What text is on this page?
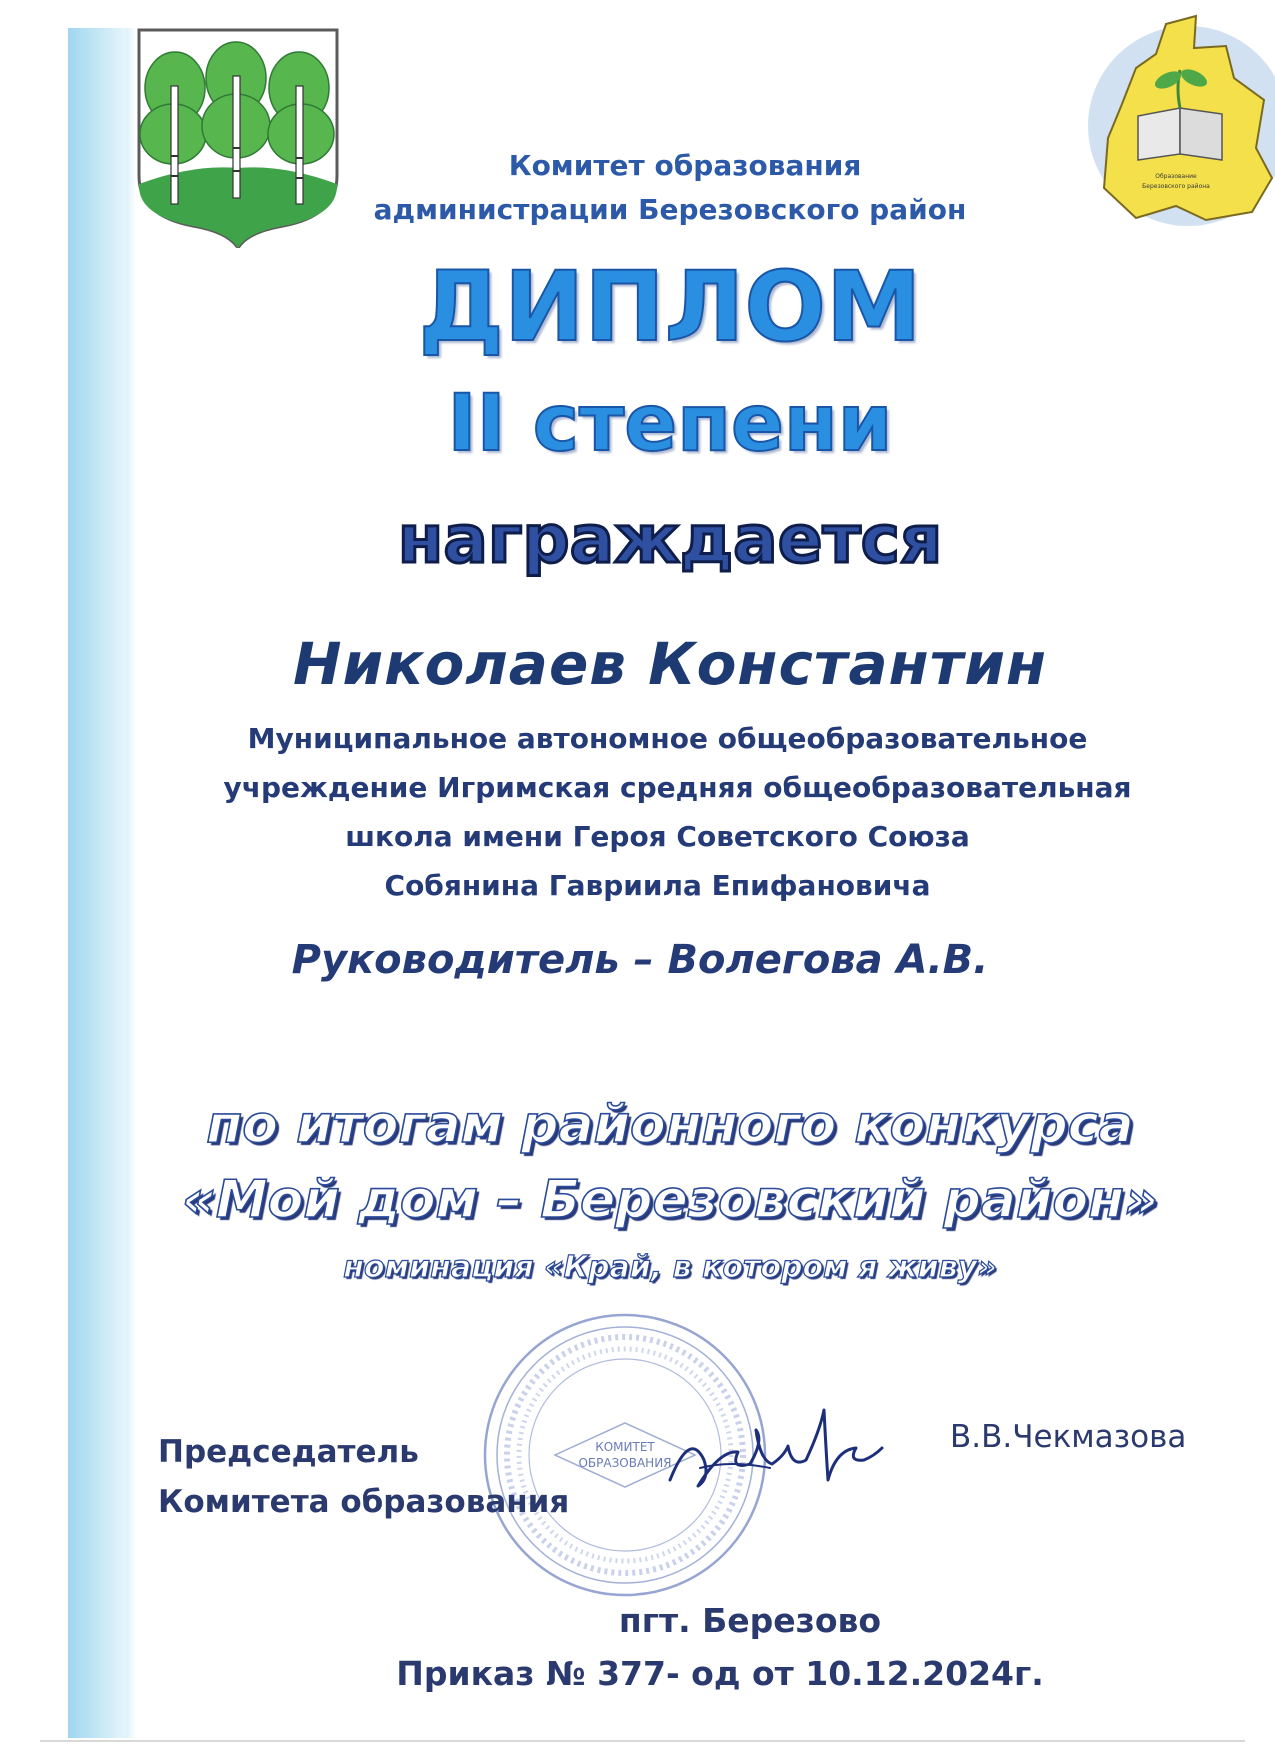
Образование
Березовского района

Комитет образования

администрации Березовского район

ДИПЛОМ
II степени

награждается

Николаев Константин

Муниципальное автономное общеобразовательное

учреждение Игримская средняя общеобразовательная

школа имени Героя Советского Союза

Собянина Гавриила Епифановича

Руководитель – Волегова А.В.

по итогам районного конкурса

«Мой дом – Березовский район»

номинация «Край, в котором я живу»

КОМИТЕТ
ОБРАЗОВАНИЯ

Председатель

Комитета образования

В.В.Чекмазова

пгт. Березово

Приказ № 377- од от 10.12.2024г.
